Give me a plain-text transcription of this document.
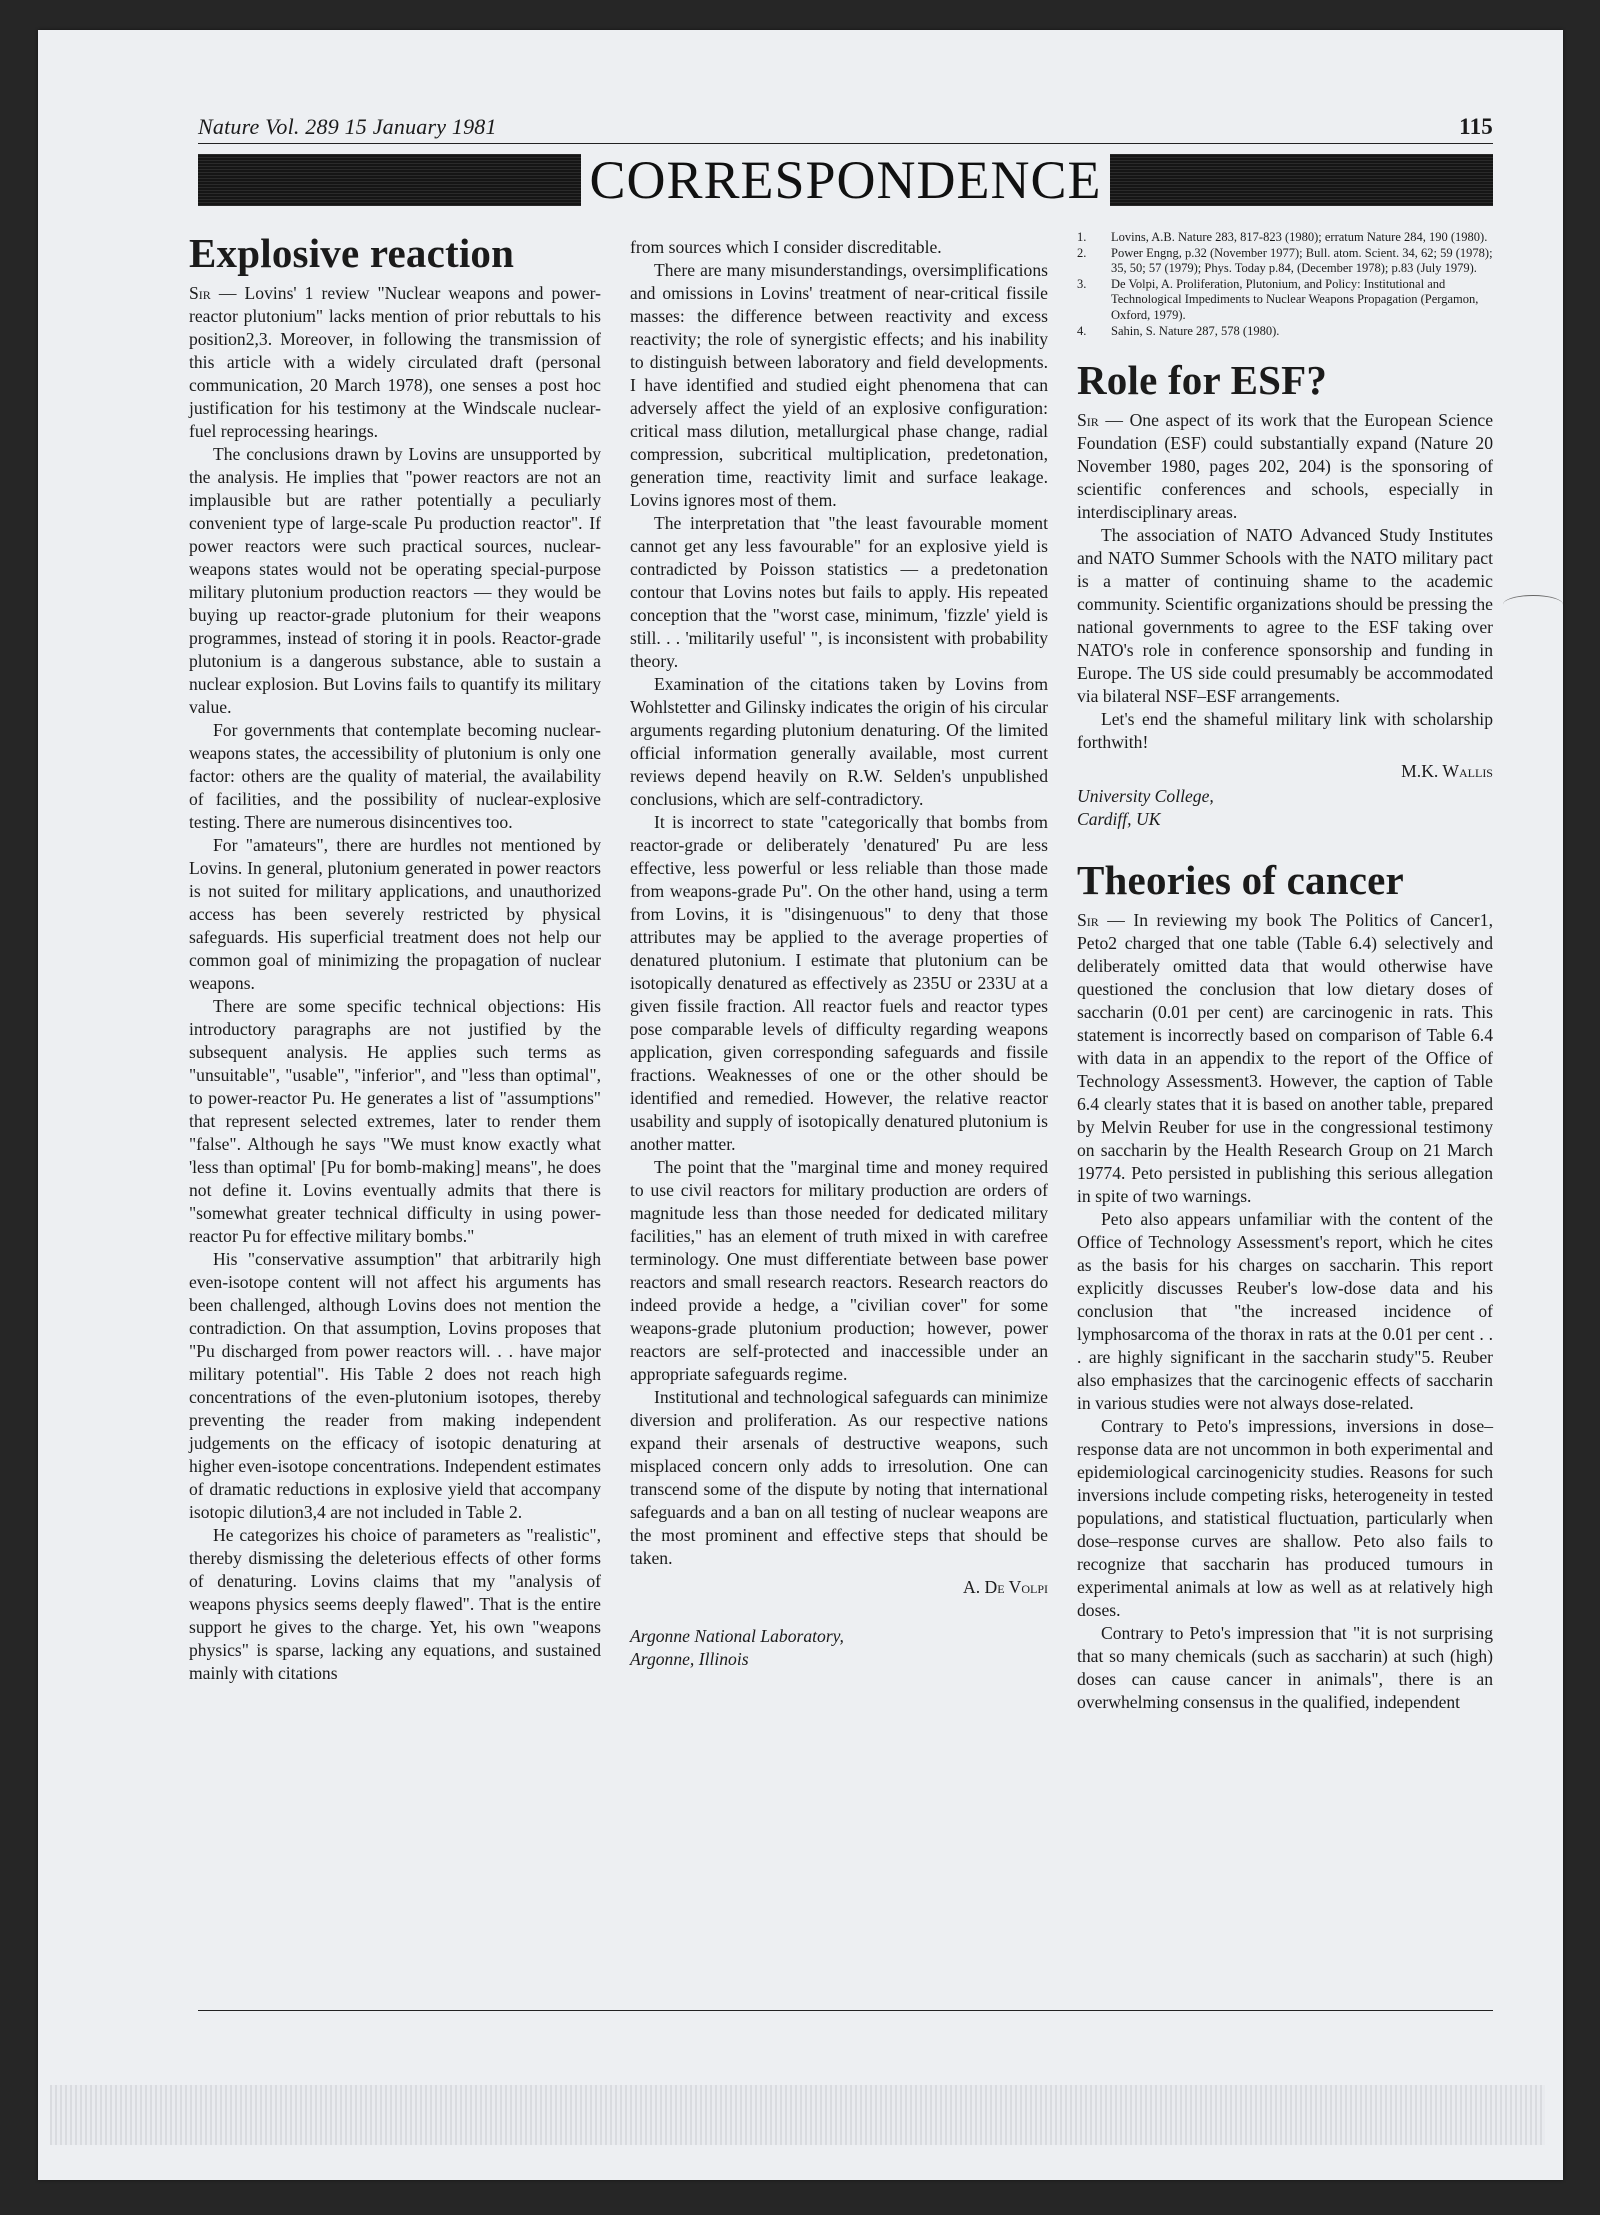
Nature Vol. 289 15 January 1981	115
CORRESPONDENCE
Explosive reaction

Sir — Lovins' 1 review "Nuclear weapons and power-reactor plutonium" lacks mention of prior rebuttals to his position2,3. Moreover, in following the transmission of this article with a widely circulated draft (personal communication, 20 March 1978), one senses a post hoc justification for his testimony at the Windscale nuclear-fuel reprocessing hearings.

The conclusions drawn by Lovins are unsupported by the analysis. He implies that "power reactors are not an implausible but are rather potentially a peculiarly convenient type of large-scale Pu production reactor". If power reactors were such practical sources, nuclear-weapons states would not be operating special-purpose military plutonium production reactors — they would be buying up reactor-grade plutonium for their weapons programmes, instead of storing it in pools. Reactor-grade plutonium is a dangerous substance, able to sustain a nuclear explosion. But Lovins fails to quantify its military value.

For governments that contemplate becoming nuclear-weapons states, the accessibility of plutonium is only one factor: others are the quality of material, the availability of facilities, and the possibility of nuclear-explosive testing. There are numerous disincentives too.

For "amateurs", there are hurdles not mentioned by Lovins. In general, plutonium generated in power reactors is not suited for military applications, and unauthorized access has been severely restricted by physical safeguards. His superficial treatment does not help our common goal of minimizing the propagation of nuclear weapons.

There are some specific technical objections: His introductory paragraphs are not justified by the subsequent analysis. He applies such terms as "unsuitable", "usable", "inferior", and "less than optimal", to power-reactor Pu. He generates a list of "assumptions" that represent selected extremes, later to render them "false". Although he says "We must know exactly what 'less than optimal' [Pu for bomb-making] means", he does not define it. Lovins eventually admits that there is "somewhat greater technical difficulty in using power-reactor Pu for effective military bombs."

His "conservative assumption" that arbitrarily high even-isotope content will not affect his arguments has been challenged, although Lovins does not mention the contradiction. On that assumption, Lovins proposes that "Pu discharged from power reactors will. . . have major military potential". His Table 2 does not reach high concentrations of the even-plutonium isotopes, thereby preventing the reader from making independent judgements on the efficacy of isotopic denaturing at higher even-isotope concentrations. Independent estimates of dramatic reductions in explosive yield that accompany isotopic dilution3,4 are not included in Table 2.

He categorizes his choice of parameters as "realistic", thereby dismissing the deleterious effects of other forms of denaturing. Lovins claims that my "analysis of weapons physics seems deeply flawed". That is the entire support he gives to the charge. Yet, his own "weapons physics" is sparse, lacking any equations, and sustained mainly with citations

from sources which I consider discreditable.

There are many misunderstandings, oversimplifications and omissions in Lovins' treatment of near-critical fissile masses: the difference between reactivity and excess reactivity; the role of synergistic effects; and his inability to distinguish between laboratory and field developments. I have identified and studied eight phenomena that can adversely affect the yield of an explosive configuration: critical mass dilution, metallurgical phase change, radial compression, subcritical multiplication, predetonation, generation time, reactivity limit and surface leakage. Lovins ignores most of them.

The interpretation that "the least favourable moment cannot get any less favourable" for an explosive yield is contradicted by Poisson statistics — a predetonation contour that Lovins notes but fails to apply. His repeated conception that the "worst case, minimum, 'fizzle' yield is still. . . 'militarily useful' ", is inconsistent with probability theory.

Examination of the citations taken by Lovins from Wohlstetter and Gilinsky indicates the origin of his circular arguments regarding plutonium denaturing. Of the limited official information generally available, most current reviews depend heavily on R.W. Selden's unpublished conclusions, which are self-contradictory.

It is incorrect to state "categorically that bombs from reactor-grade or deliberately 'denatured' Pu are less effective, less powerful or less reliable than those made from weapons-grade Pu". On the other hand, using a term from Lovins, it is "disingenuous" to deny that those attributes may be applied to the average properties of denatured plutonium. I estimate that plutonium can be isotopically denatured as effectively as 235U or 233U at a given fissile fraction. All reactor fuels and reactor types pose comparable levels of difficulty regarding weapons application, given corresponding safeguards and fissile fractions. Weaknesses of one or the other should be identified and remedied. However, the relative reactor usability and supply of isotopically denatured plutonium is another matter.

The point that the "marginal time and money required to use civil reactors for military production are orders of magnitude less than those needed for dedicated military facilities," has an element of truth mixed in with carefree terminology. One must differentiate between base power reactors and small research reactors. Research reactors do indeed provide a hedge, a "civilian cover" for some weapons-grade plutonium production; however, power reactors are self-protected and inaccessible under an appropriate safeguards regime.

Institutional and technological safeguards can minimize diversion and proliferation. As our respective nations expand their arsenals of destructive weapons, such misplaced concern only adds to irresolution. One can transcend some of the dispute by noting that international safeguards and a ban on all testing of nuclear weapons are the most prominent and effective steps that should be taken.

A. De Volpi
Argonne National Laboratory,
Argonne, Illinois
1. Lovins, A.B. Nature 283, 817-823 (1980); erratum Nature 284, 190 (1980).
2. Power Engng, p.32 (November 1977); Bull. atom. Scient. 34, 62; 59 (1978); 35, 50; 57 (1979); Phys. Today p.84, (December 1978); p.83 (July 1979).
3. De Volpi, A. Proliferation, Plutonium, and Policy: Institutional and Technological Impediments to Nuclear Weapons Propagation (Pergamon, Oxford, 1979).
4. Sahin, S. Nature 287, 578 (1980).
Role for ESF?

Sir — One aspect of its work that the European Science Foundation (ESF) could substantially expand (Nature 20 November 1980, pages 202, 204) is the sponsoring of scientific conferences and schools, especially in interdisciplinary areas.

The association of NATO Advanced Study Institutes and NATO Summer Schools with the NATO military pact is a matter of continuing shame to the academic community. Scientific organizations should be pressing the national governments to agree to the ESF taking over NATO's role in conference sponsorship and funding in Europe. The US side could presumably be accommodated via bilateral NSF–ESF arrangements.

Let's end the shameful military link with scholarship forthwith!

M.K. Wallis
University College,
Cardiff, UK
Theories of cancer

Sir — In reviewing my book The Politics of Cancer1, Peto2 charged that one table (Table 6.4) selectively and deliberately omitted data that would otherwise have questioned the conclusion that low dietary doses of saccharin (0.01 per cent) are carcinogenic in rats. This statement is incorrectly based on comparison of Table 6.4 with data in an appendix to the report of the Office of Technology Assessment3. However, the caption of Table 6.4 clearly states that it is based on another table, prepared by Melvin Reuber for use in the congressional testimony on saccharin by the Health Research Group on 21 March 19774. Peto persisted in publishing this serious allegation in spite of two warnings.

Peto also appears unfamiliar with the content of the Office of Technology Assessment's report, which he cites as the basis for his charges on saccharin. This report explicitly discusses Reuber's low-dose data and his conclusion that "the increased incidence of lymphosarcoma of the thorax in rats at the 0.01 per cent . . . are highly significant in the saccharin study"5. Reuber also emphasizes that the carcinogenic effects of saccharin in various studies were not always dose-related.

Contrary to Peto's impressions, inversions in dose–response data are not uncommon in both experimental and epidemiological carcinogenicity studies. Reasons for such inversions include competing risks, heterogeneity in tested populations, and statistical fluctuation, particularly when dose–response curves are shallow. Peto also fails to recognize that saccharin has produced tumours in experimental animals at low as well as at relatively high doses.

Contrary to Peto's impression that "it is not surprising that so many chemicals (such as saccharin) at such (high) doses can cause cancer in animals", there is an overwhelming consensus in the qualified, independent
